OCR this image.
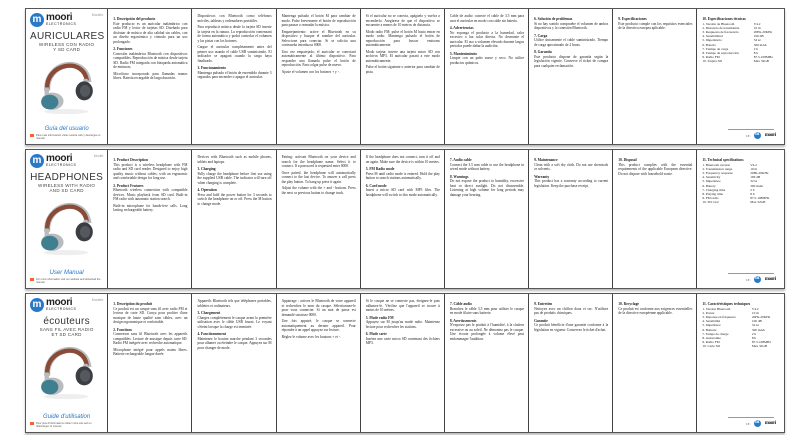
m moori
ELECTRONICS
Modelo
AURICULARES
WIRELESS CON RADIO
Y SD CARD
Guía del usuario
Para más información visite nuestra web y descargue el manual
1. Descripción del producto
Este producto es un auricular inalámbrico con radio FM y lector de tarjetas SD. Diseñado para disfrutar de música de alta calidad sin cables, con un diseño ergonómico y cómodo para un uso prolongado.
2. Funciones
Conexión inalámbrica Bluetooth con dispositivos compatibles. Reproducción de música desde tarjeta SD. Radio FM integrada con búsqueda automática de emisoras.
Micrófono incorporado para llamadas manos libres. Batería recargable de larga duración.
Dispositivos con Bluetooth como teléfonos móviles, tabletas y ordenadores portátiles.
Para reproducir música desde la tarjeta SD inserte la tarjeta en la ranura. La reproducción comenzará de forma automática y podrá controlar el volumen y las pistas con los botones.
Cargue el auricular completamente antes del primer uso usando el cable USB suministrado. El indicador se apagará cuando la carga haya finalizado.
3. Funcionamiento
Mantenga pulsado el botón de encendido durante 3 segundos para encender o apagar el auricular.
Mantenga pulsado el botón M para cambiar de modo. Pulse brevemente el botón de reproducción para pausar o reanudar la música.
Emparejamiento: active el Bluetooth en su dispositivo y busque el nombre del auricular. Seleccione para conectar. Si se solicita una contraseña introduzca 0000.
Una vez emparejado, el auricular se conectará automáticamente al último dispositivo. Para responder una llamada pulse el botón de reproducción. Para colgar pulse de nuevo.
Ajuste el volumen con los botones + y -.
Si el auricular no se conecta, apáguelo y vuelva a encenderlo. Asegúrese de que el dispositivo se encuentre a menos de 10 metros de distancia.
Modo radio FM: pulse el botón M hasta entrar en modo radio. Mantenga pulsado el botón de reproducción para buscar emisoras automáticamente.
Modo tarjeta: inserte una tarjeta micro SD con archivos MP3. El auricular pasará a este modo automáticamente.
Pulse el botón siguiente o anterior para cambiar de pista.
Cable de audio: conecte el cable de 3.5 mm para usar el auricular en modo con cable sin batería.
4. Advertencias
No exponga el producto a la humedad, calor excesivo o luz solar directa. No desmonte el auricular. El uso a volumen elevado durante largos periodos puede dañar la audición.
5. Mantenimiento
Limpie con un paño suave y seco. No utilice productos químicos.
6. Solución de problemas
Si no hay sonido compruebe el volumen de ambos dispositivos y la conexión Bluetooth.
7. Carga
Utilice únicamente el cable suministrado. Tiempo de carga aproximado de 2 horas.
8. Garantía
Este producto dispone de garantía según la legislación vigente. Conserve el ticket de compra para cualquier reclamación.
9. Especificaciones
Este producto cumple con los requisitos esenciales de la directiva europea aplicable.
10. Especificaciones técnicas
1. Versión de Bluetooth	V4.2
2. Distancia de transmisión	10 m
3. Respuesta de frecuencia	20Hz-20KHz
4. Sensibilidad	106 dB
5. Impedancia	32 Ω
6. Batería	300 mAh
7. Tiempo de carga	2 h
8. Tiempo de reproducción	8 h
9. Radio FM	87.5-108MHz
10. Tarjeta SD	Max 32GB
CE m moori
m moori
ELECTRONICS
Model
HEADPHONES
WIRELESS WITH RADIO
AND SD CARD
User Manual
For more information visit our website and download the manual
1. Product Description
This product is a wireless headphone with FM radio and SD card reader. Designed to enjoy high quality music without cables, with an ergonomic and comfortable design for long use.
2. Product Features
Bluetooth wireless connection with compatible devices. Music playback from SD card. Built-in FM radio with automatic station search.
Built-in microphone for hands-free calls. Long lasting rechargeable battery.
Devices with Bluetooth such as mobile phones, tablets and laptops.
3. Charging
Fully charge the headphone before first use using the supplied USB cable. The indicator will turn off when charging is complete.
4. Operation
Press and hold the power button for 3 seconds to switch the headphone on or off. Press the M button to change mode.
Pairing: activate Bluetooth on your device and search for the headphone name. Select it to connect. If a password is requested enter 0000.
Once paired, the headphone will automatically connect to the last device. To answer a call press the play button. To hang up press it again.
Adjust the volume with the + and - buttons. Press the next or previous button to change track.
If the headphone does not connect, turn it off and on again. Make sure the device is within 10 meters.
5. FM Radio mode
Press M until radio mode is entered. Hold the play button to search stations automatically.
6. Card mode
Insert a micro SD card with MP3 files. The headphone will switch to this mode automatically.
7. Audio cable
Connect the 3.5 mm cable to use the headphone in wired mode without battery.
8. Warnings
Do not expose the product to humidity, excessive heat or direct sunlight. Do not disassemble. Listening at high volume for long periods may damage your hearing.
9. Maintenance
Clean with a soft dry cloth. Do not use chemicals or solvents.
Warranty
This product has a warranty according to current legislation. Keep the purchase receipt.
10. Disposal
This product complies with the essential requirements of the applicable European directive. Do not dispose with household waste.
11. Technical specifications
1. Bluetooth version	V4.2
2. Transmission range	10 m
3. Frequency response	20Hz-20KHz
4. Sensitivity	106 dB
5. Impedance	32 Ω
6. Battery	300 mAh
7. Charging time	2 h
8. Playing time	8 h
9. FM radio	87.5-108MHz
10. SD card	Max 32GB
CE m moori
m moori
ELECTRONICS
Modèle
écouteurs
SANS FIL AVEC RADIO
ET SD CARD
Guide d'utilisation
Pour plus d'informations visitez notre site web et téléchargez le manuel
1. Description du produit
Ce produit est un casque sans fil avec radio FM et lecteur de carte SD. Conçu pour profiter d'une musique de haute qualité sans câbles, avec un design ergonomique et confortable.
2. Fonctions
Connexion sans fil Bluetooth avec les appareils compatibles. Lecture de musique depuis carte SD. Radio FM intégrée avec recherche automatique.
Microphone intégré pour appels mains libres. Batterie rechargeable longue durée.
Appareils Bluetooth tels que téléphones portables, tablettes et ordinateurs.
3. Chargement
Chargez complètement le casque avant la première utilisation avec le câble USB fourni. Le voyant s'éteint lorsque la charge est terminée.
4. Fonctionnement
Maintenez le bouton marche pendant 3 secondes pour allumer ou éteindre le casque. Appuyez sur M pour changer de mode.
Appairage : activez le Bluetooth de votre appareil et recherchez le nom du casque. Sélectionnez-le pour vous connecter. Si un mot de passe est demandé saisissez 0000.
Une fois appairé, le casque se connecte automatiquement au dernier appareil. Pour répondre à un appel appuyez sur lecture.
Réglez le volume avec les boutons + et -.
Si le casque ne se connecte pas, éteignez-le puis rallumez-le. Vérifiez que l'appareil se trouve à moins de 10 mètres.
5. Mode radio FM
Appuyez sur M jusqu'au mode radio. Maintenez lecture pour rechercher les stations.
6. Mode carte
Insérez une carte micro SD contenant des fichiers MP3.
7. Câble audio
Branchez le câble 3,5 mm pour utiliser le casque en mode filaire sans batterie.
8. Avertissements
N'exposez pas le produit à l'humidité, à la chaleur excessive ou au soleil. Ne démontez pas le casque. Une écoute prolongée à volume élevé peut endommager l'audition.
9. Entretien
Nettoyez avec un chiffon doux et sec. N'utilisez pas de produits chimiques.
Garantie
Ce produit bénéficie d'une garantie conforme à la législation en vigueur. Conservez le ticket d'achat.
10. Recyclage
Ce produit est conforme aux exigences essentielles de la directive européenne applicable.
11. Caractéristiques techniques
1. Version Bluetooth	V4.2
2. Portée	10 m
3. Réponse en fréquence	20Hz-20KHz
4. Sensibilité	106 dB
5. Impédance	32 Ω
6. Batterie	300 mAh
7. Temps de charge	2 h
8. Autonomie	8 h
9. Radio FM	87.5-108MHz
10. Carte SD	Max 32GB
CE m moori
